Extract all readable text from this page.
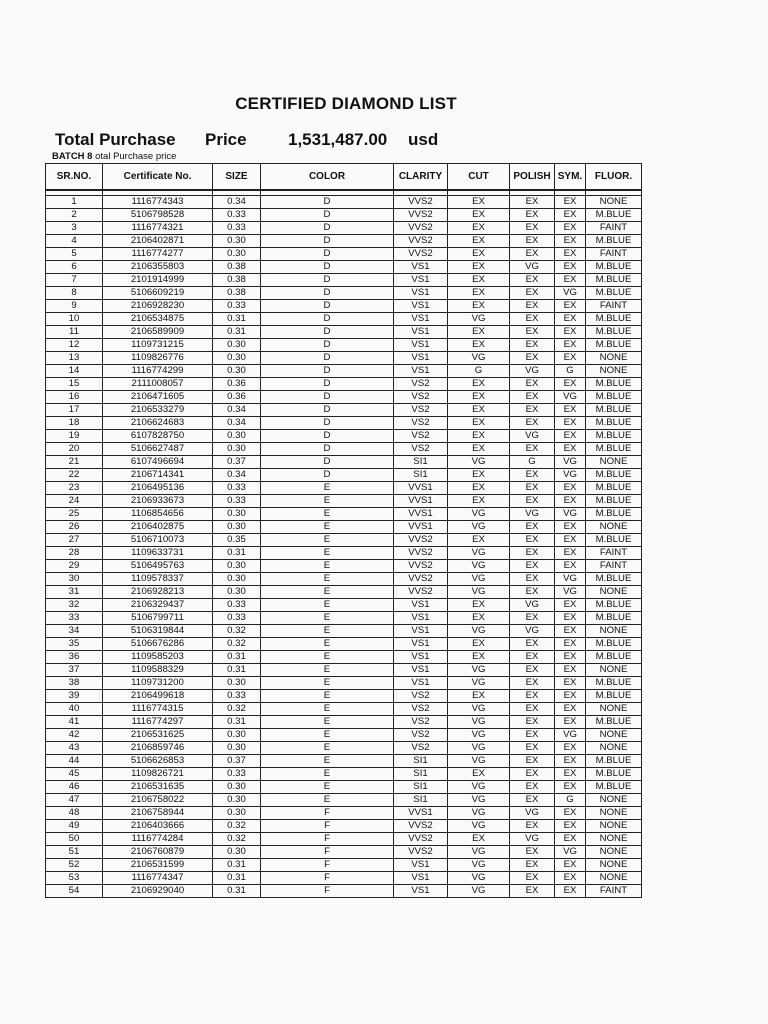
CERTIFIED DIAMOND LIST
Total Purchase Price 1,531,487.00 usd
BATCH 8 otal Purchase price
SR.NO.	Certificate No.	SIZE	COLOR	CLARITY	CUT	POLISH	SYM.	FLUOR.

1	1116774343	0.34	D	VVS2	EX	EX	EX	NONE
2	5106798528	0.33	D	VVS2	EX	EX	EX	M.BLUE
3	1116774321	0.33	D	VVS2	EX	EX	EX	FAINT
4	2106402871	0.30	D	VVS2	EX	EX	EX	M.BLUE
5	1116774277	0.30	D	VVS2	EX	EX	EX	FAINT
6	2106355803	0.38	D	VS1	EX	VG	EX	M.BLUE
7	2101914999	0.38	D	VS1	EX	EX	EX	M.BLUE
8	5106609219	0.38	D	VS1	EX	EX	VG	M.BLUE
9	2106928230	0.33	D	VS1	EX	EX	EX	FAINT
10	2106534875	0.31	D	VS1	VG	EX	EX	M.BLUE
11	2106589909	0.31	D	VS1	EX	EX	EX	M.BLUE
12	1109731215	0.30	D	VS1	EX	EX	EX	M.BLUE
13	1109826776	0.30	D	VS1	VG	EX	EX	NONE
14	1116774299	0.30	D	VS1	G	VG	G	NONE
15	2111008057	0.36	D	VS2	EX	EX	EX	M.BLUE
16	2106471605	0.36	D	VS2	EX	EX	VG	M.BLUE
17	2106533279	0.34	D	VS2	EX	EX	EX	M.BLUE
18	2106624683	0.34	D	VS2	EX	EX	EX	M.BLUE
19	6107828750	0.30	D	VS2	EX	VG	EX	M.BLUE
20	5106627487	0.30	D	VS2	EX	EX	EX	M.BLUE
21	6107496694	0.37	D	SI1	VG	G	VG	NONE
22	2106714341	0.34	D	SI1	EX	EX	VG	M.BLUE
23	2106495136	0.33	E	VVS1	EX	EX	EX	M.BLUE
24	2106933673	0.33	E	VVS1	EX	EX	EX	M.BLUE
25	1106854656	0.30	E	VVS1	VG	VG	VG	M.BLUE
26	2106402875	0.30	E	VVS1	VG	EX	EX	NONE
27	5106710073	0.35	E	VVS2	EX	EX	EX	M.BLUE
28	1109633731	0.31	E	VVS2	VG	EX	EX	FAINT
29	5106495763	0.30	E	VVS2	VG	EX	EX	FAINT
30	1109578337	0.30	E	VVS2	VG	EX	VG	M.BLUE
31	2106928213	0.30	E	VVS2	VG	EX	VG	NONE
32	2106329437	0.33	E	VS1	EX	VG	EX	M.BLUE
33	5106799711	0.33	E	VS1	EX	EX	EX	M.BLUE
34	5106319844	0.32	E	VS1	VG	VG	EX	NONE
35	5106676286	0.32	E	VS1	EX	EX	EX	M.BLUE
36	1109585203	0.31	E	VS1	EX	EX	EX	M.BLUE
37	1109588329	0.31	E	VS1	VG	EX	EX	NONE
38	1109731200	0.30	E	VS1	VG	EX	EX	M.BLUE
39	2106499618	0.33	E	VS2	EX	EX	EX	M.BLUE
40	1116774315	0.32	E	VS2	VG	EX	EX	NONE
41	1116774297	0.31	E	VS2	VG	EX	EX	M.BLUE
42	2106531625	0.30	E	VS2	VG	EX	VG	NONE
43	2106859746	0.30	E	VS2	VG	EX	EX	NONE
44	5106626853	0.37	E	SI1	VG	EX	EX	M.BLUE
45	1109826721	0.33	E	SI1	EX	EX	EX	M.BLUE
46	2106531635	0.30	E	SI1	VG	EX	EX	M.BLUE
47	2106758022	0.30	E	SI1	VG	EX	G	NONE
48	2106758944	0.30	F	VVS1	VG	VG	EX	NONE
49	2106403666	0.32	F	VVS2	VG	EX	EX	NONE
50	1116774284	0.32	F	VVS2	EX	VG	EX	NONE
51	2106760879	0.30	F	VVS2	VG	EX	VG	NONE
52	2106531599	0.31	F	VS1	VG	EX	EX	NONE
53	1116774347	0.31	F	VS1	VG	EX	EX	NONE
54	2106929040	0.31	F	VS1	VG	EX	EX	FAINT
